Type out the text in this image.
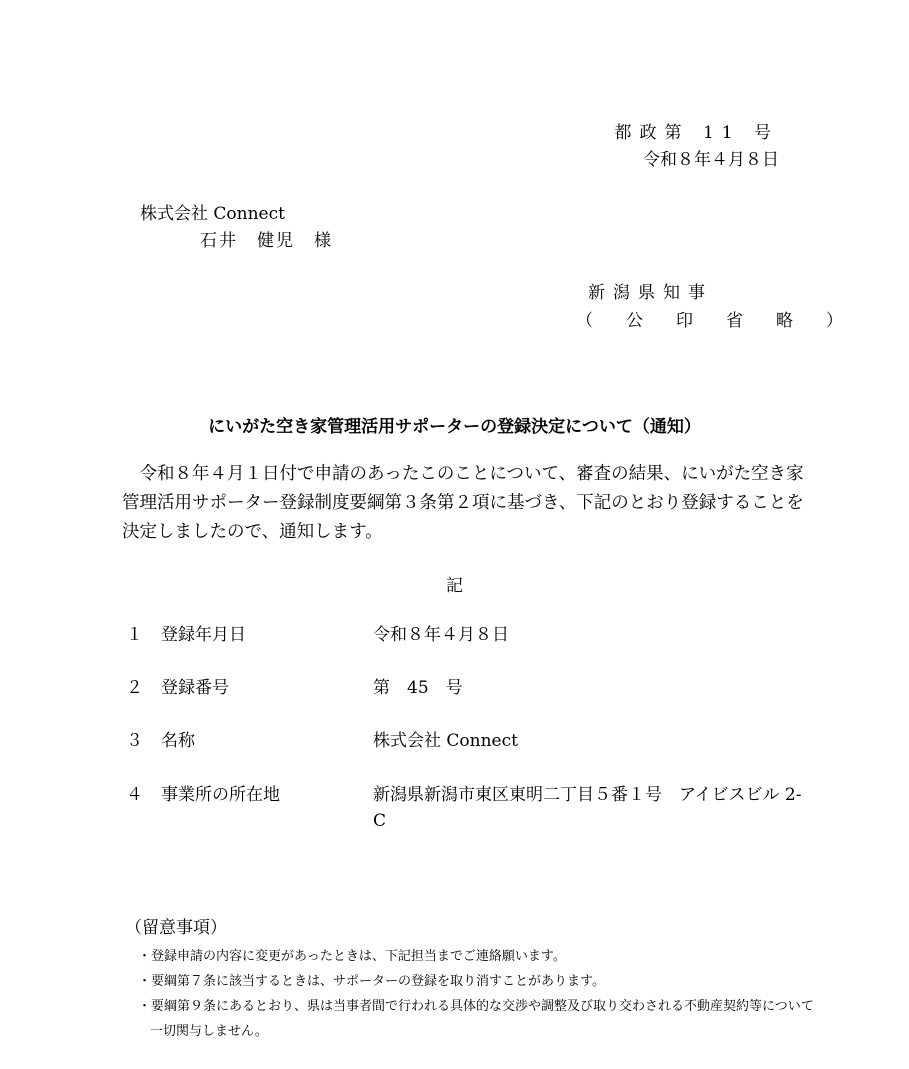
都政第 11 号
令和８年４月８日
株式会社 Connect
石井　健児　様
新潟県知事
（　公　印　省　略　）
にいがた空き家管理活用サポーターの登録決定について（通知）
　令和８年４月１日付で申請のあったこのことについて、審査の結果、にいがた空き家管理活用サポーター登録制度要綱第３条第２項に基づき、下記のとおり登録することを決定しましたので、通知します。
記
１	登録年月日	令和８年４月８日
２	登録番号	第　45　号
３	名称	株式会社 Connect
４	事業所の所在地	新潟県新潟市東区東明二丁目５番１号　アイビスビル 2-C
（留意事項）
・登録申請の内容に変更があったときは、下記担当までご連絡願います。
・要綱第７条に該当するときは、サポーターの登録を取り消すことがあります。
・要綱第９条にあるとおり、県は当事者間で行われる具体的な交渉や調整及び取り交わされる不動産契約等について一切関与しません。
